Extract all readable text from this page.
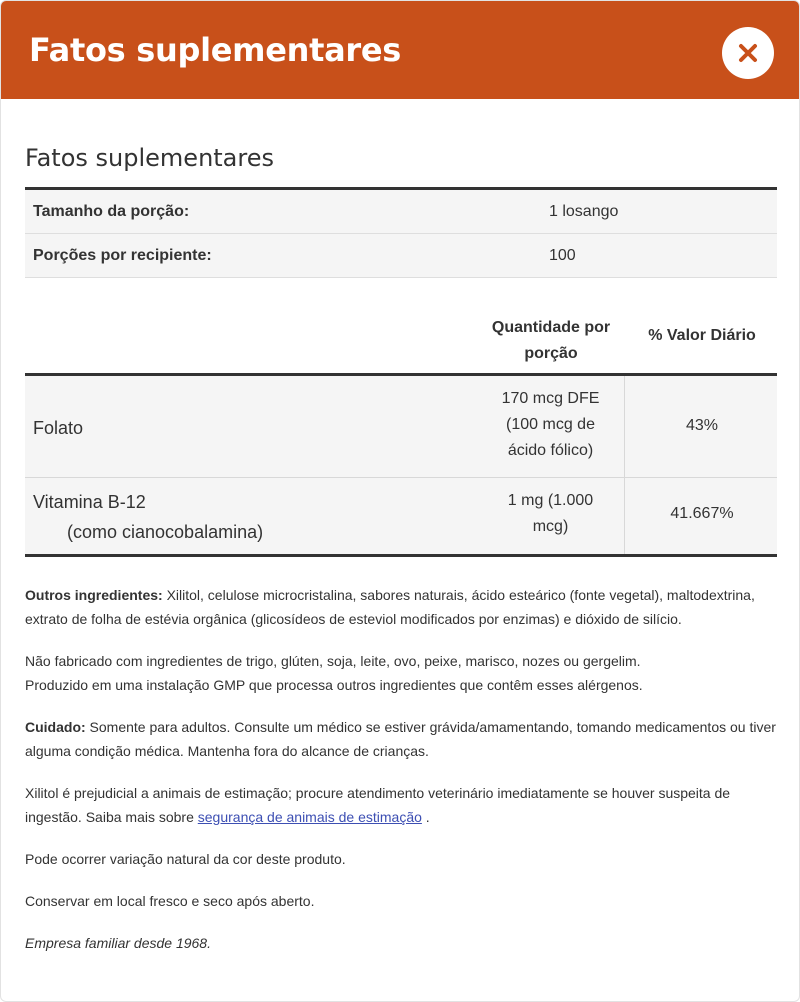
Fatos suplementares
Fatos suplementares
Tamanho da porção:	1 losango
Porções por recipiente:	100
Quantidade por
porção
% Valor Diário
Folato
170 mcg DFE
(100 mcg de
ácido fólico)
43%
Vitamina B-12
(como cianocobalamina)
1 mg (1.000
mcg)
41.667%

Outros ingredientes: Xilitol, celulose microcristalina, sabores naturais, ácido esteárico (fonte vegetal), maltodextrina, extrato de folha de estévia orgânica (glicosídeos de esteviol modificados por enzimas) e dióxido de silício.

Não fabricado com ingredientes de trigo, glúten, soja, leite, ovo, peixe, marisco, nozes ou gergelim.
Produzido em uma instalação GMP que processa outros ingredientes que contêm esses alérgenos.

Cuidado: Somente para adultos. Consulte um médico se estiver grávida/amamentando, tomando medicamentos ou tiver alguma condição médica. Mantenha fora do alcance de crianças.

Xilitol é prejudicial a animais de estimação; procure atendimento veterinário imediatamente se houver suspeita de ingestão. Saiba mais sobre segurança de animais de estimação .

Pode ocorrer variação natural da cor deste produto.

Conservar em local fresco e seco após aberto.

Empresa familiar desde 1968.
